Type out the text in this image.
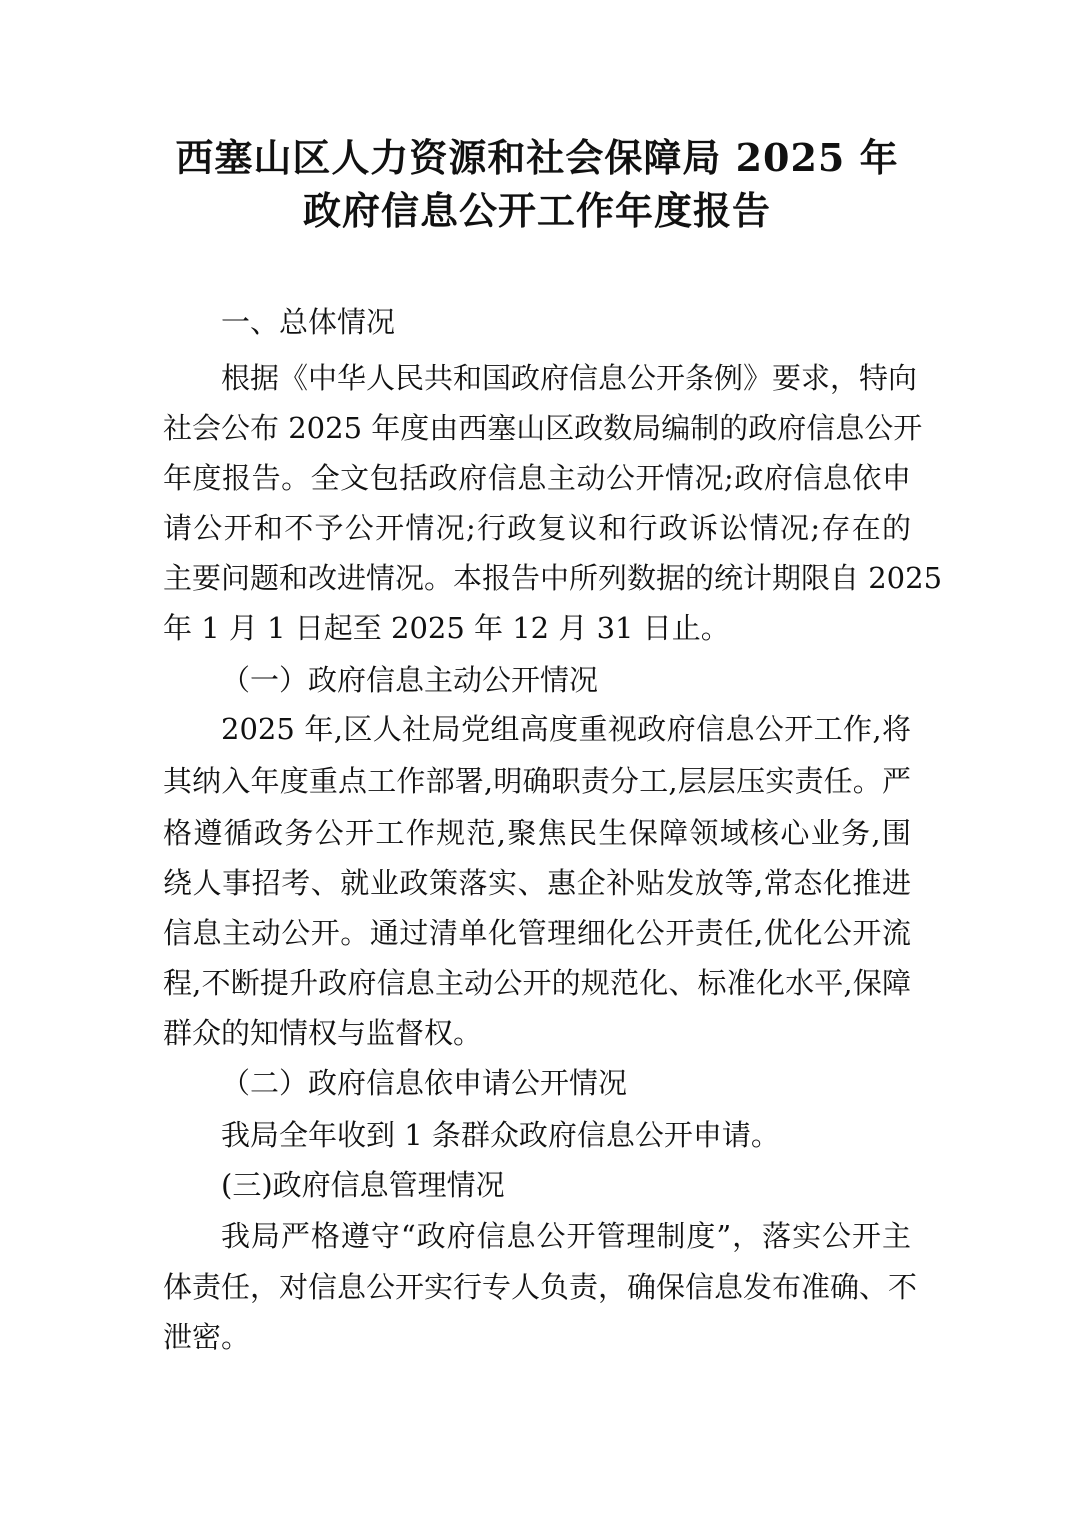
西塞山区人力资源和社会保障局 2025 年
政府信息公开工作年度报告
一、总体情况
根据《中华人民共和国政府信息公开条例》要求，特向
社会公布 2025 年度由西塞山区政数局编制的政府信息公开
年度报告。全文包括政府信息主动公开情况;政府信息依申
请公开和不予公开情况;行政复议和行政诉讼情况;存在的
主要问题和改进情况。本报告中所列数据的统计期限自 2025
年 1 月 1 日起至 2025 年 12 月 31 日止。
（一）政府信息主动公开情况
2025 年,区人社局党组高度重视政府信息公开工作,将
其纳入年度重点工作部署,明确职责分工,层层压实责任。严
格遵循政务公开工作规范,聚焦民生保障领域核心业务,围
绕人事招考、就业政策落实、惠企补贴发放等,常态化推进
信息主动公开。通过清单化管理细化公开责任,优化公开流
程,不断提升政府信息主动公开的规范化、标准化水平,保障
群众的知情权与监督权。
（二）政府信息依申请公开情况
我局全年收到 1 条群众政府信息公开申请。
(三)政府信息管理情况
我局严格遵守“政府信息公开管理制度”，落实公开主
体责任，对信息公开实行专人负责，确保信息发布准确、不
泄密。
